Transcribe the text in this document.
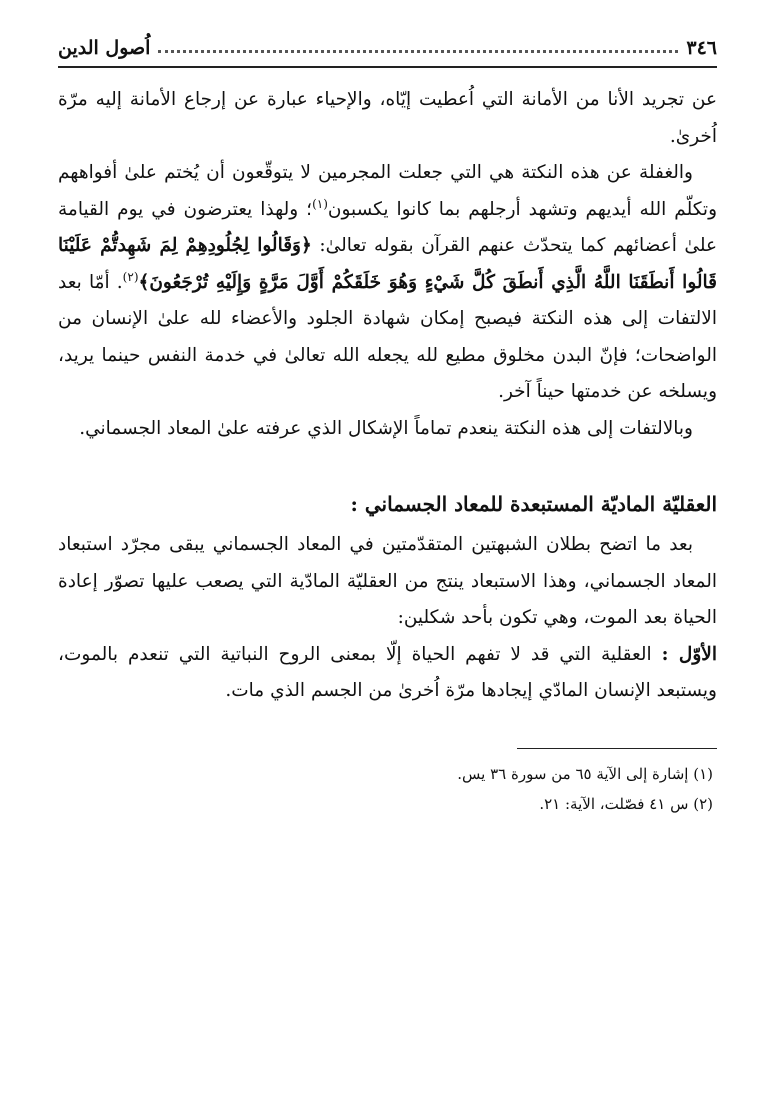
٣٤٦
اُصول الدين

عن تجريد الأنا من الأمانة التي اُعطيت إيّاه، والإحياء عبارة عن إرجاع الأمانة إليه مرّة اُخرىٰ.

والغفلة عن هذه النكتة هي التي جعلت المجرمين لا يتوقّعون أن يُختم علىٰ أفواههم وتكلّم الله أيديهم وتشهد أرجلهم بما كانوا يكسبون$^{(١)}$؛ ولهذا يعترضون في يوم القيامة علىٰ أعضائهم كما يتحدّث عنهم القرآن بقوله تعالىٰ: ﴿وَقَالُوا لِجُلُودِهِمْ لِمَ شَهِدتُّمْ عَلَيْنَا قَالُوا أَنطَقَنَا اللَّهُ الَّذِي أَنطَقَ كُلَّ شَيْءٍ وَهُوَ خَلَقَكُمْ أَوَّلَ مَرَّةٍ وَإِلَيْهِ تُرْجَعُونَ﴾$^{(٢)}$. أمّا بعد الالتفات إلى هذه النكتة فيصبح إمكان شهادة الجلود والأعضاء لله علىٰ الإنسان من الواضحات؛ فإنّ البدن مخلوق مطيع لله يجعله الله تعالىٰ في خدمة النفس حينما يريد، ويسلخه عن خدمتها حيناً آخر.

وبالالتفات إلى هذه النكتة ينعدم تماماً الإشكال الذي عرفته علىٰ المعاد الجسماني.

العقليّة الماديّة المستبعدة للمعاد الجسماني :

بعد ما اتضح بطلان الشبهتين المتقدّمتين في المعاد الجسماني يبقى مجرّد استبعاد المعاد الجسماني، وهذا الاستبعاد ينتج من العقليّة المادّية التي يصعب عليها تصوّر إعادة الحياة بعد الموت، وهي تكون بأحد شكلين:

الأوّل : العقلية التي قد لا تفهم الحياة إلّا بمعنى الروح النباتية التي تنعدم بالموت، ويستبعد الإنسان المادّي إيجادها مرّة اُخرىٰ من الجسم الذي مات.

(١) إشارة إلى الآية ٦٥ من سورة ٣٦ يس.
(٢) س ٤١ فصّلت، الآية: ٢١.
